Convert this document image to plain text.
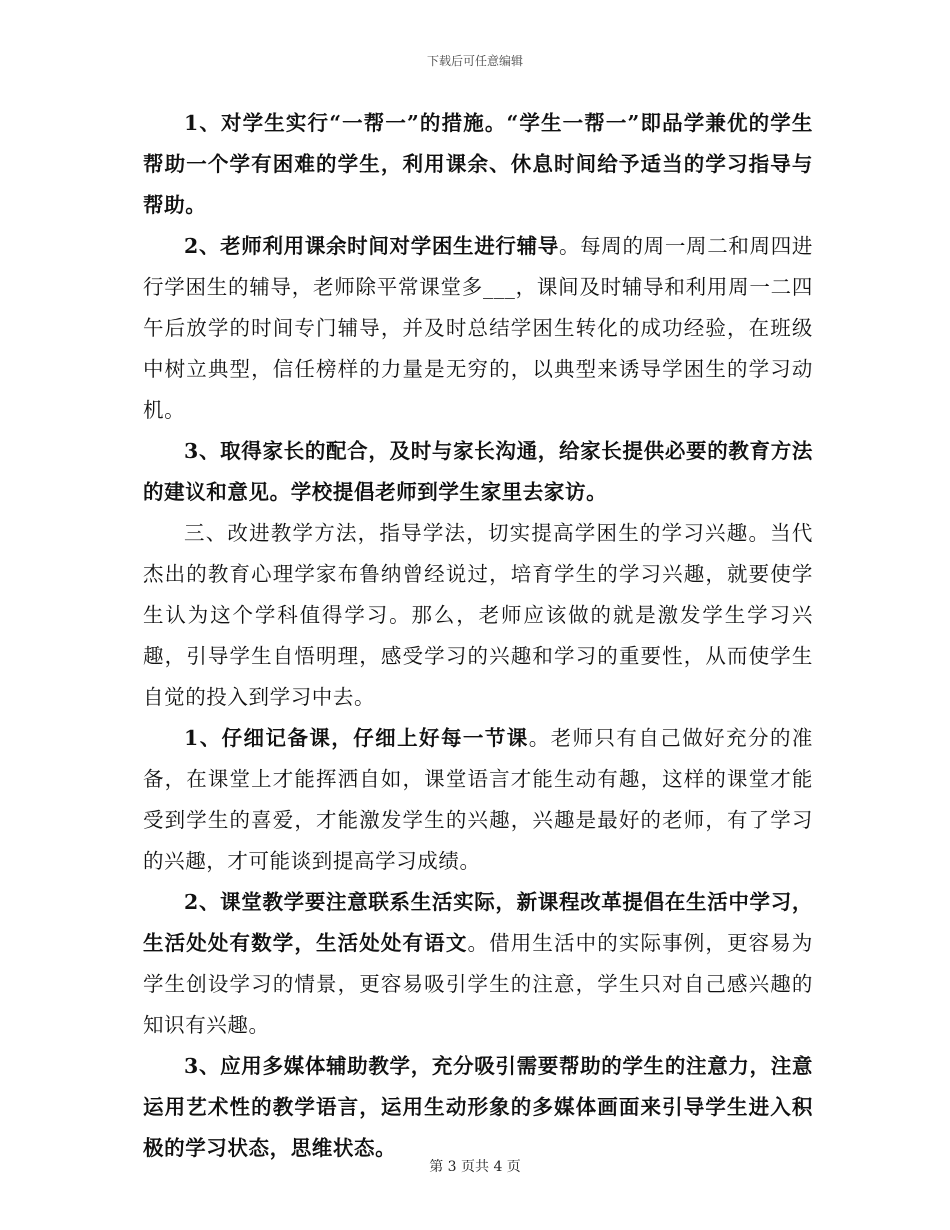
下载后可任意编辑

1、对学生实行“一帮一”的措施。“学生一帮一”即品学兼优的学生帮助一个学有困难的学生，利用课余、休息时间给予适当的学习指导与帮助。

2、老师利用课余时间对学困生进行辅导。每周的周一周二和周四进行学困生的辅导，老师除平常课堂多___，课间及时辅导和利用周一二四午后放学的时间专门辅导，并及时总结学困生转化的成功经验，在班级中树立典型，信任榜样的力量是无穷的，以典型来诱导学困生的学习动机。

3、取得家长的配合，及时与家长沟通，给家长提供必要的教育方法的建议和意见。学校提倡老师到学生家里去家访。

三、改进教学方法，指导学法，切实提高学困生的学习兴趣。当代杰出的教育心理学家布鲁纳曾经说过，培育学生的学习兴趣，就要使学生认为这个学科值得学习。那么，老师应该做的就是激发学生学习兴趣，引导学生自悟明理，感受学习的兴趣和学习的重要性，从而使学生自觉的投入到学习中去。

1、仔细记备课，仔细上好每一节课。老师只有自己做好充分的准备，在课堂上才能挥洒自如，课堂语言才能生动有趣，这样的课堂才能受到学生的喜爱，才能激发学生的兴趣，兴趣是最好的老师，有了学习的兴趣，才可能谈到提高学习成绩。

2、课堂教学要注意联系生活实际，新课程改革提倡在生活中学习，生活处处有数学，生活处处有语文。借用生活中的实际事例，更容易为学生创设学习的情景，更容易吸引学生的注意，学生只对自己感兴趣的知识有兴趣。

3、应用多媒体辅助教学，充分吸引需要帮助的学生的注意力，注意运用艺术性的教学语言，运用生动形象的多媒体画面来引导学生进入积极的学习状态，思维状态。

第 3 页共 4 页
